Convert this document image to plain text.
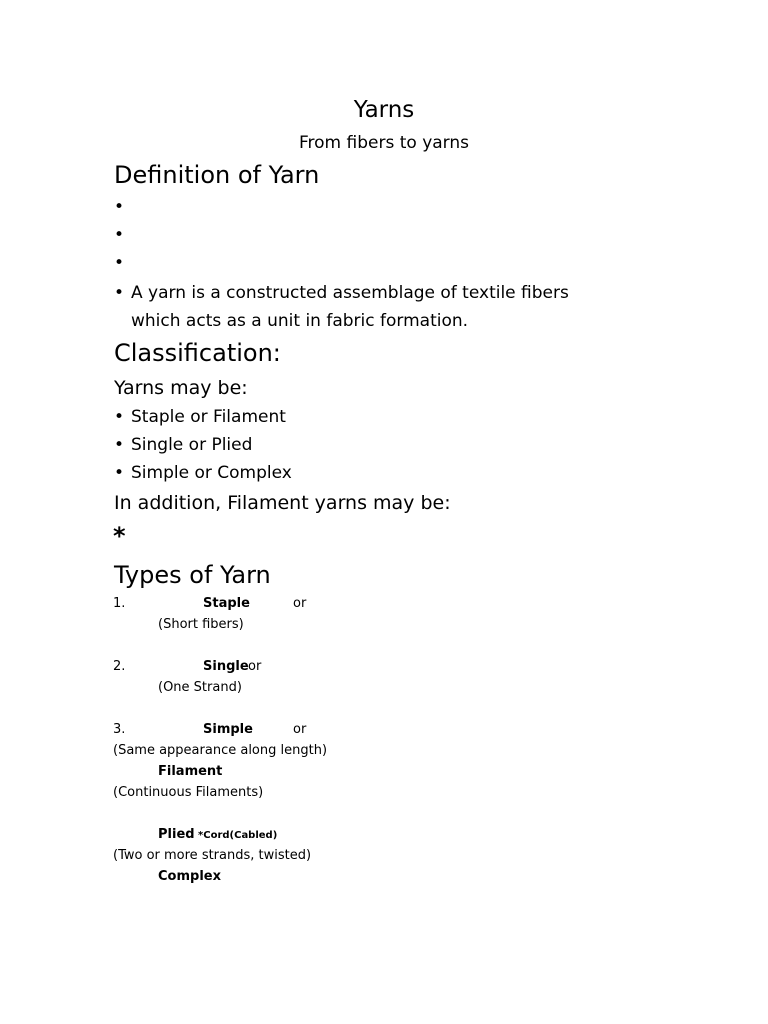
Yarns
From fibers to yarns
Definition of Yarn
•
•
•
• A yarn is a constructed assemblage of textile fibers
which acts as a unit in fabric formation.
Classification:
Yarns may be:
• Staple or Filament
• Single or Plied
• Simple or Complex
In addition, Filament yarns may be:
*
Types of Yarn
1.	Staple	or
(Short fibers)
2.	Single or
(One Strand)
3.	Simple	or
(Same appearance along length)
Filament
(Continuous Filaments)
Plied *Cord(Cabled)
(Two or more strands, twisted)
Complex
